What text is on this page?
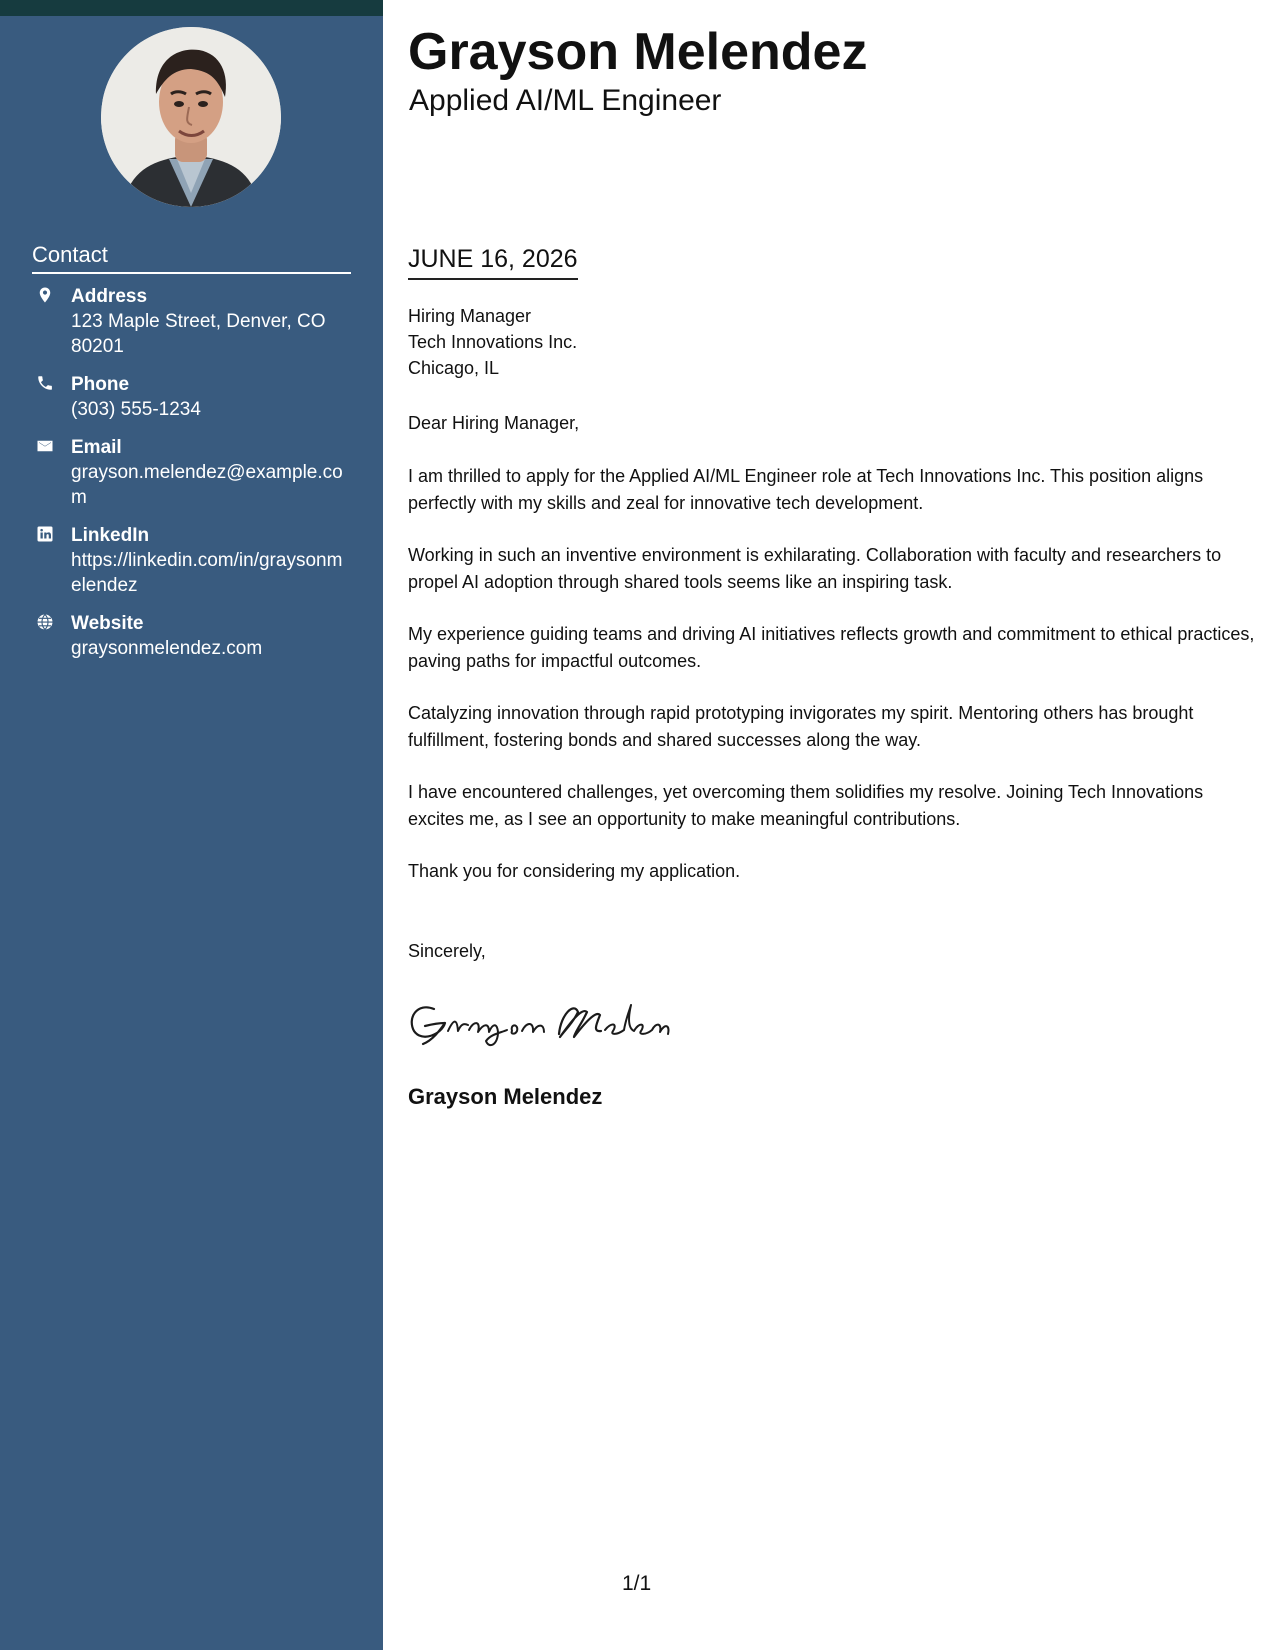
Contact
Address
123 Maple Street, Denver, CO 80201
Phone
(303) 555-1234
Email
grayson.melendez@example.com
LinkedIn
https://linkedin.com/in/graysonmelendez
Website
graysonmelendez.com
Grayson Melendez
Applied AI/ML Engineer
JUNE 16, 2026
Hiring Manager
Tech Innovations Inc.
Chicago, IL
Dear Hiring Manager,

I am thrilled to apply for the Applied AI/ML Engineer role at Tech Innovations Inc. This position aligns perfectly with my skills and zeal for innovative tech development.

Working in such an inventive environment is exhilarating. Collaboration with faculty and researchers to propel AI adoption through shared tools seems like an inspiring task.

My experience guiding teams and driving AI initiatives reflects growth and commitment to ethical practices, paving paths for impactful outcomes.

Catalyzing innovation through rapid prototyping invigorates my spirit. Mentoring others has brought fulfillment, fostering bonds and shared successes along the way.

I have encountered challenges, yet overcoming them solidifies my resolve. Joining Tech Innovations excites me, as I see an opportunity to make meaningful contributions.

Thank you for considering my application.

Sincerely,
Grayson Melendez
1/1
